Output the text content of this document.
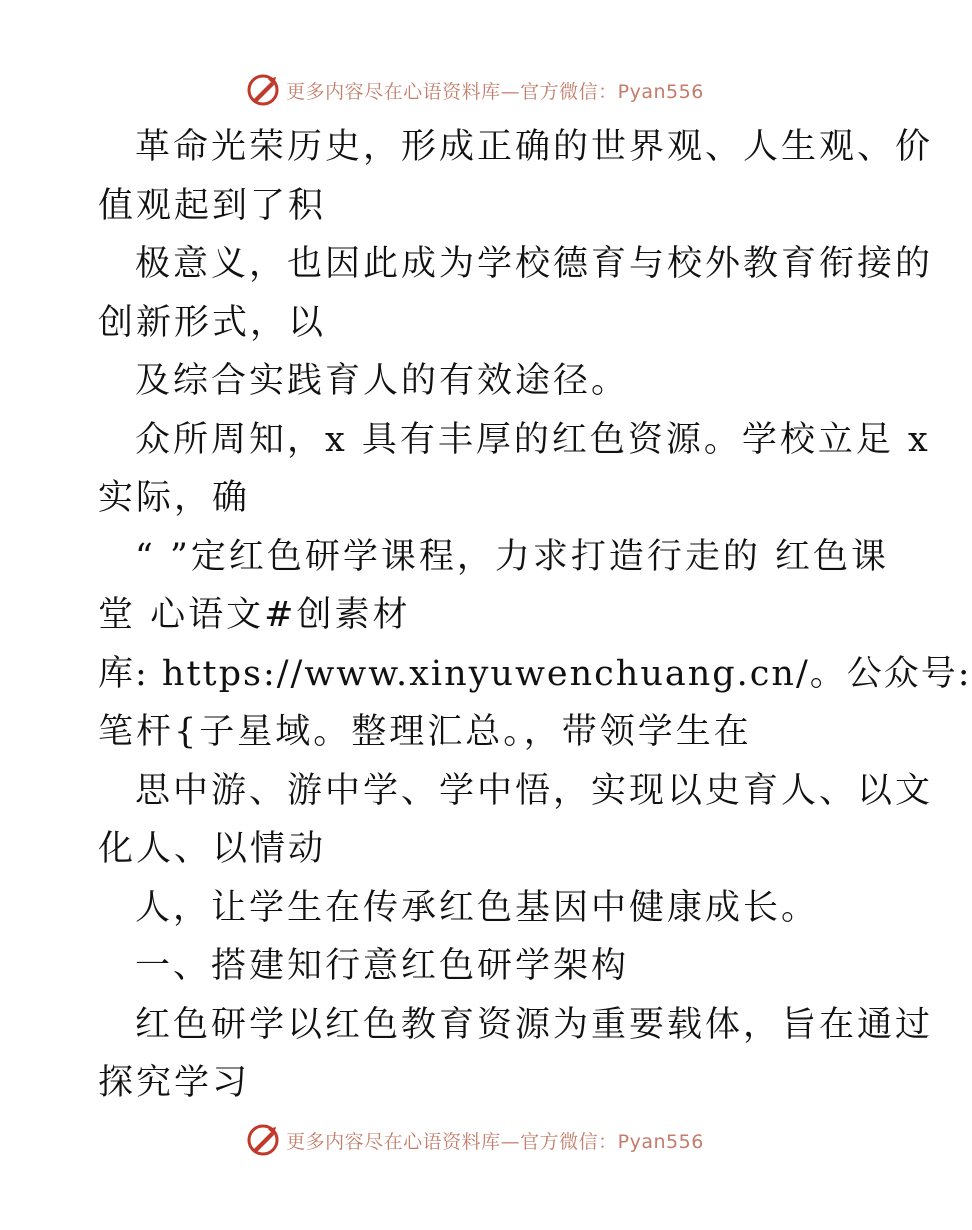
更多内容尽在心语资料库—官方微信：Pyan556
革命光荣历史，形成正确的世界观、人生观、价
值观起到了积
极意义，也因此成为学校德育与校外教育衔接的
创新形式，以
及综合实践育人的有效途径。
众所周知，x 具有丰厚的红色资源。学校立足 x
实际，确
“ ”定红色研学课程，力求打造行走的 红色课
堂 心语文#创素材
库: https://www.xinyuwenchuang.cn/。公众号:
笔杆{子星域。整理汇总。，带领学生在
思中游、游中学、学中悟，实现以史育人、以文
化人、以情动
人，让学生在传承红色基因中健康成长。
一、搭建知行意红色研学架构
红色研学以红色教育资源为重要载体，旨在通过
探究学习
更多内容尽在心语资料库—官方微信：Pyan556
